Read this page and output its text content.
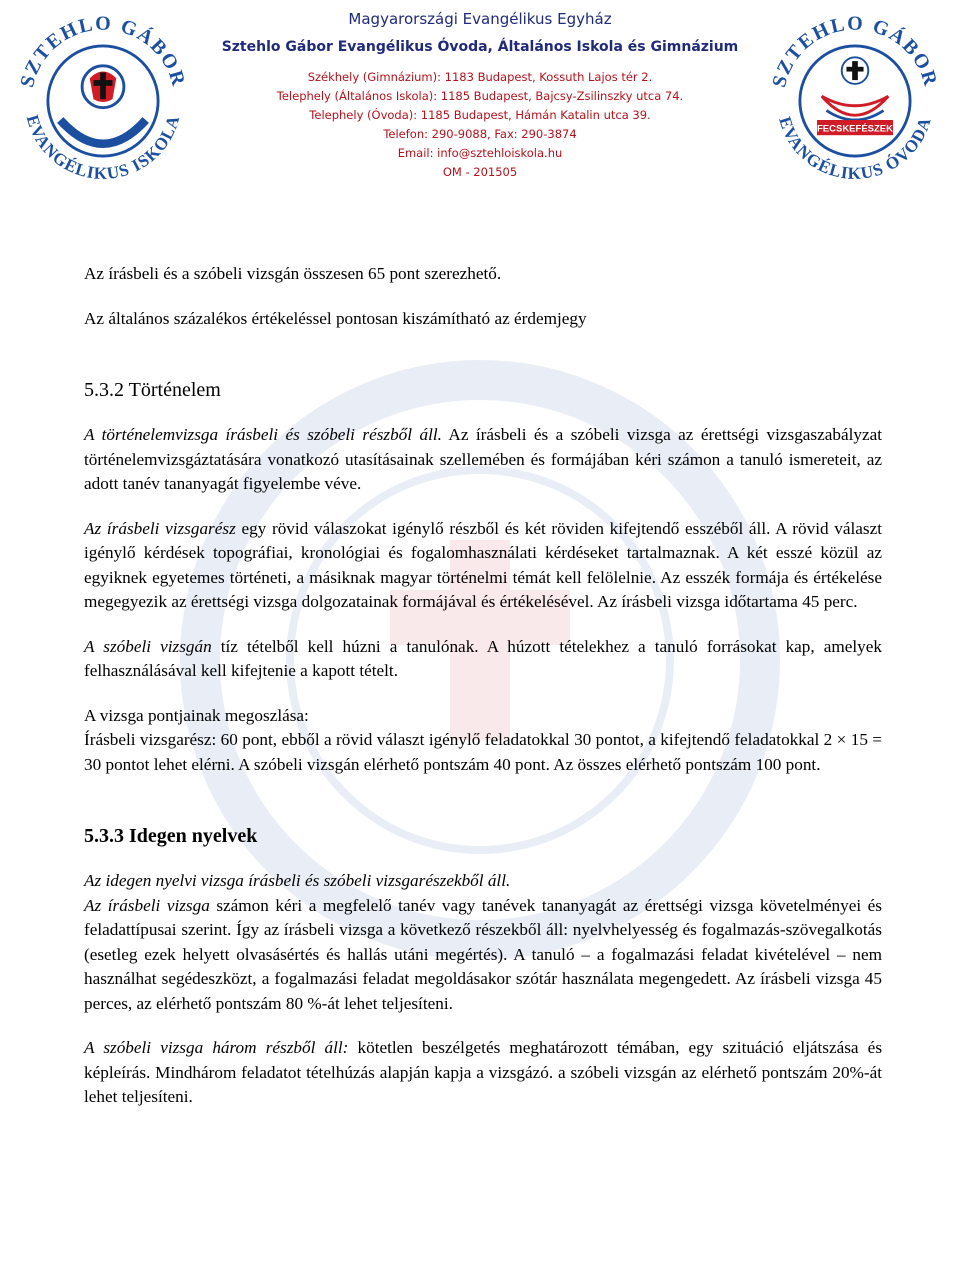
SZTEHLO GÁBOR
EVANGÉLIKUS ISKOLA
Magyarországi Evangélikus Egyház
Sztehlo Gábor Evangélikus Óvoda, Általános Iskola és Gimnázium
Székhely (Gimnázium): 1183 Budapest, Kossuth Lajos tér 2.
Telephely (Általános Iskola): 1185 Budapest, Bajcsy-Zsilinszky utca 74.
Telephely (Óvoda): 1185 Budapest, Hámán Katalin utca 39.
Telefon: 290-9088, Fax: 290-3874
Email: info@sztehloiskola.hu
OM - 201505
FECSKEFÉSZEK
SZTEHLO GÁBOR
EVANGÉLIKUS ÓVODA

Az írásbeli és a szóbeli vizsgán összesen 65 pont szerezhető.

Az általános százalékos értékeléssel pontosan kiszámítható az érdemjegy

5.3.2 Történelem

A történelemvizsga írásbeli és szóbeli részből áll. Az írásbeli és a szóbeli vizsga az érettségi vizsgaszabályzat történelemvizsgáztatására vonatkozó utasításainak szellemében és formájában kéri számon a tanuló ismereteit, az adott tanév tananyagát figyelembe véve.

Az írásbeli vizsgarész egy rövid válaszokat igénylő részből és két röviden kifejtendő esszéből áll. A rövid választ igénylő kérdések topográfiai, kronológiai és fogalomhasználati kérdéseket tartalmaznak. A két esszé közül az egyiknek egyetemes történeti, a másiknak magyar történelmi témát kell felölelnie. Az esszék formája és értékelése megegyezik az érettségi vizsga dolgozatainak formájával és értékelésével. Az írásbeli vizsga időtartama 45 perc.

A szóbeli vizsgán tíz tételből kell húzni a tanulónak. A húzott tételekhez a tanuló forrásokat kap, amelyek felhasználásával kell kifejtenie a kapott tételt.

A vizsga pontjainak megoszlása:

Írásbeli vizsgarész: 60 pont, ebből a rövid választ igénylő feladatokkal 30 pontot, a kifejtendő feladatokkal 2 × 15 = 30 pontot lehet elérni. A szóbeli vizsgán elérhető pontszám 40 pont. Az összes elérhető pontszám 100 pont.

5.3.3 Idegen nyelvek

Az idegen nyelvi vizsga írásbeli és szóbeli vizsgarészekből áll.

Az írásbeli vizsga számon kéri a megfelelő tanév vagy tanévek tananyagát az érettségi vizsga követelményei és feladattípusai szerint. Így az írásbeli vizsga a következő részekből áll: nyelvhelyesség és fogalmazás-szövegalkotás (esetleg ezek helyett olvasásértés és hallás utáni megértés). A tanuló – a fogalmazási feladat kivételével – nem használhat segédeszközt, a fogalmazási feladat megoldásakor szótár használata megengedett. Az írásbeli vizsga 45 perces, az elérhető pontszám 80 %-át lehet teljesíteni.

A szóbeli vizsga három részből áll: kötetlen beszélgetés meghatározott témában, egy szituáció eljátszása és képleírás. Mindhárom feladatot tételhúzás alapján kapja a vizsgázó. a szóbeli vizsgán az elérhető pontszám 20%-át lehet teljesíteni.
